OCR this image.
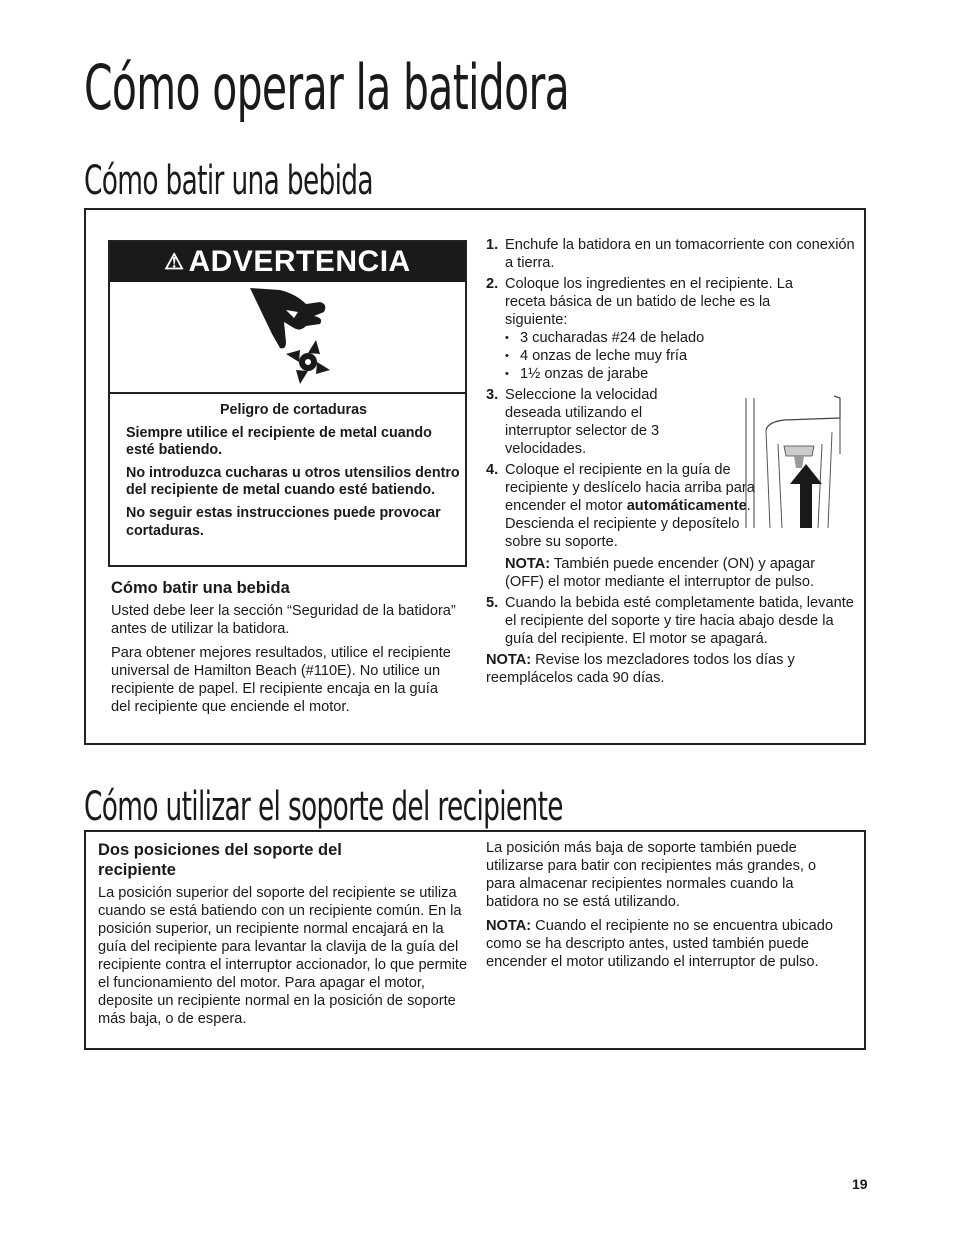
Cómo operar la batidora
Cómo batir una bebida
⚠ ADVERTENCIA

Peligro de cortaduras

Siempre utilice el recipiente de metal cuando esté batiendo.

No introduzca cucharas u otros utensilios dentro del recipiente de metal cuando esté batiendo.

No seguir estas instrucciones puede provocar cortaduras.

Cómo batir una bebida

Usted debe leer la sección “Seguridad de la batidora” antes de utilizar la batidora.

Para obtener mejores resultados, utilice el recipiente universal de Hamilton Beach (#110E). No utilice un recipiente de papel. El recipiente encaja en la guía del recipiente que enciende el motor.

1. Enchufe la batidora en un tomacorriente con conexión a tierra.
2. Coloque los ingredientes en el recipiente. La receta básica de un batido de leche es la siguiente:
• 3 cucharadas #24 de helado
• 4 onzas de leche muy fría
• 1½ onzas de jarabe
3. Seleccione la velocidad deseada utilizando el interruptor selector de 3 velocidades.
4. Coloque el recipiente en la guía de recipiente y deslícelo hacia arriba para encender el motor automáticamente. Descienda el recipiente y deposítelo sobre su soporte.
NOTA: También puede encender (ON) y apagar (OFF) el motor mediante el interruptor de pulso.
5. Cuando la bebida esté completamente batida, levante el recipiente del soporte y tire hacia abajo desde la guía del recipiente. El motor se apagará.

NOTA: Revise los mezcladores todos los días y reemplácelos cada 90 días.

Cómo utilizar el soporte del recipiente
Dos posiciones del soporte del recipiente

La posición superior del soporte del recipiente se utiliza cuando se está batiendo con un recipiente común. En la posición superior, un recipiente normal encajará en la guía del recipiente para levantar la clavija de la guía del recipiente contra el interruptor accionador, lo que permite el funcionamiento del motor. Para apagar el motor, deposite un recipiente normal en la posición de soporte más baja, o de espera.

La posición más baja de soporte también puede utilizarse para batir con recipientes más grandes, o para almacenar recipientes normales cuando la batidora no se está utilizando.

NOTA: Cuando el recipiente no se encuentra ubicado como se ha descripto antes, usted también puede encender el motor utilizando el interruptor de pulso.

19
